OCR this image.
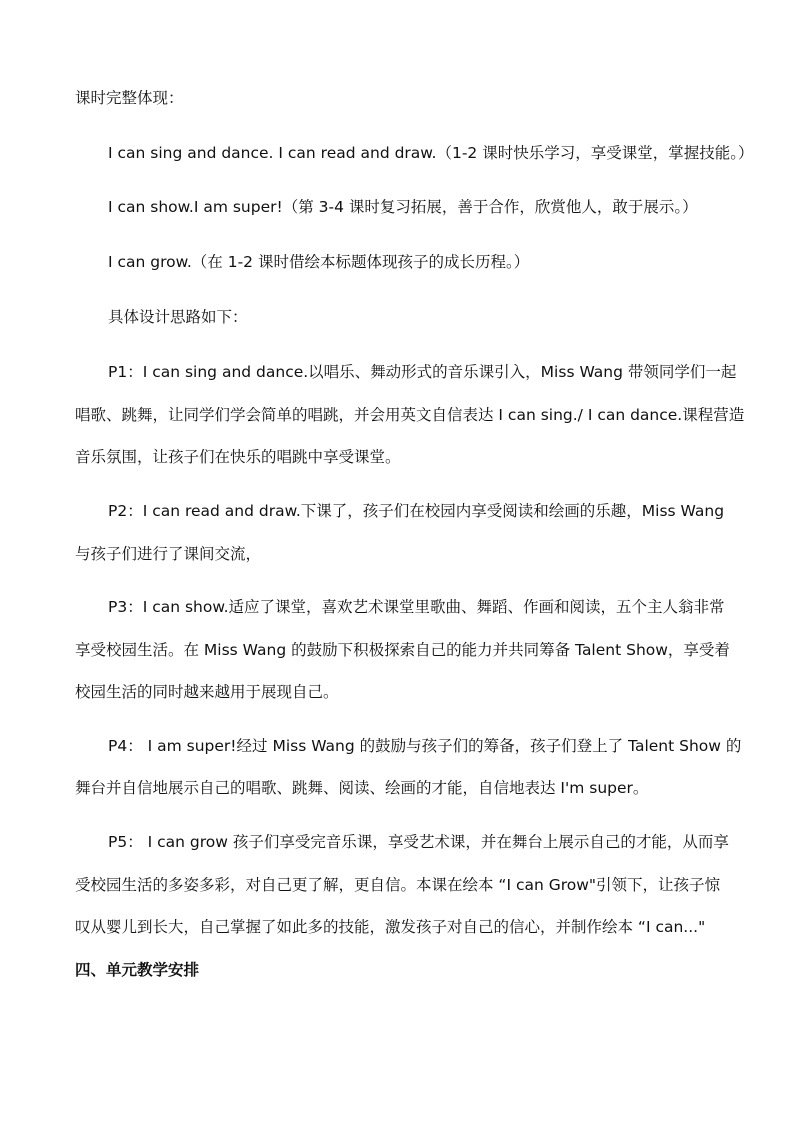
课时完整体现：
I can sing and dance. I can read and draw.（1-2 课时快乐学习，享受课堂，掌握技能。）
I can show.I am super!（第 3-4 课时复习拓展，善于合作，欣赏他人，敢于展示。）
I can grow.（在 1-2 课时借绘本标题体现孩子的成长历程。）
具体设计思路如下：
P1：I can sing and dance.以唱乐、舞动形式的音乐课引入，Miss Wang 带领同学们一起
唱歌、跳舞，让同学们学会简单的唱跳，并会用英文自信表达 I can sing./ I can dance.课程营造
音乐氛围，让孩子们在快乐的唱跳中享受课堂。
P2：I can read and draw.下课了，孩子们在校园内享受阅读和绘画的乐趣，Miss Wang
与孩子们进行了课间交流，
P3：I can show.适应了课堂，喜欢艺术课堂里歌曲、舞蹈、作画和阅读，五个主人翁非常
享受校园生活。在 Miss Wang 的鼓励下积极探索自己的能力并共同筹备 Talent Show，享受着
校园生活的同时越来越用于展现自己。
P4： I am super!经过 Miss Wang 的鼓励与孩子们的筹备，孩子们登上了 Talent Show 的
舞台并自信地展示自己的唱歌、跳舞、阅读、绘画的才能，自信地表达 I'm super。
P5： I can grow 孩子们享受完音乐课，享受艺术课，并在舞台上展示自己的才能，从而享
受校园生活的多姿多彩，对自己更了解，更自信。本课在绘本 “I can Grow"引领下，让孩子惊
叹从婴儿到长大，自己掌握了如此多的技能，激发孩子对自己的信心，并制作绘本 “I can..."
四、单元教学安排
